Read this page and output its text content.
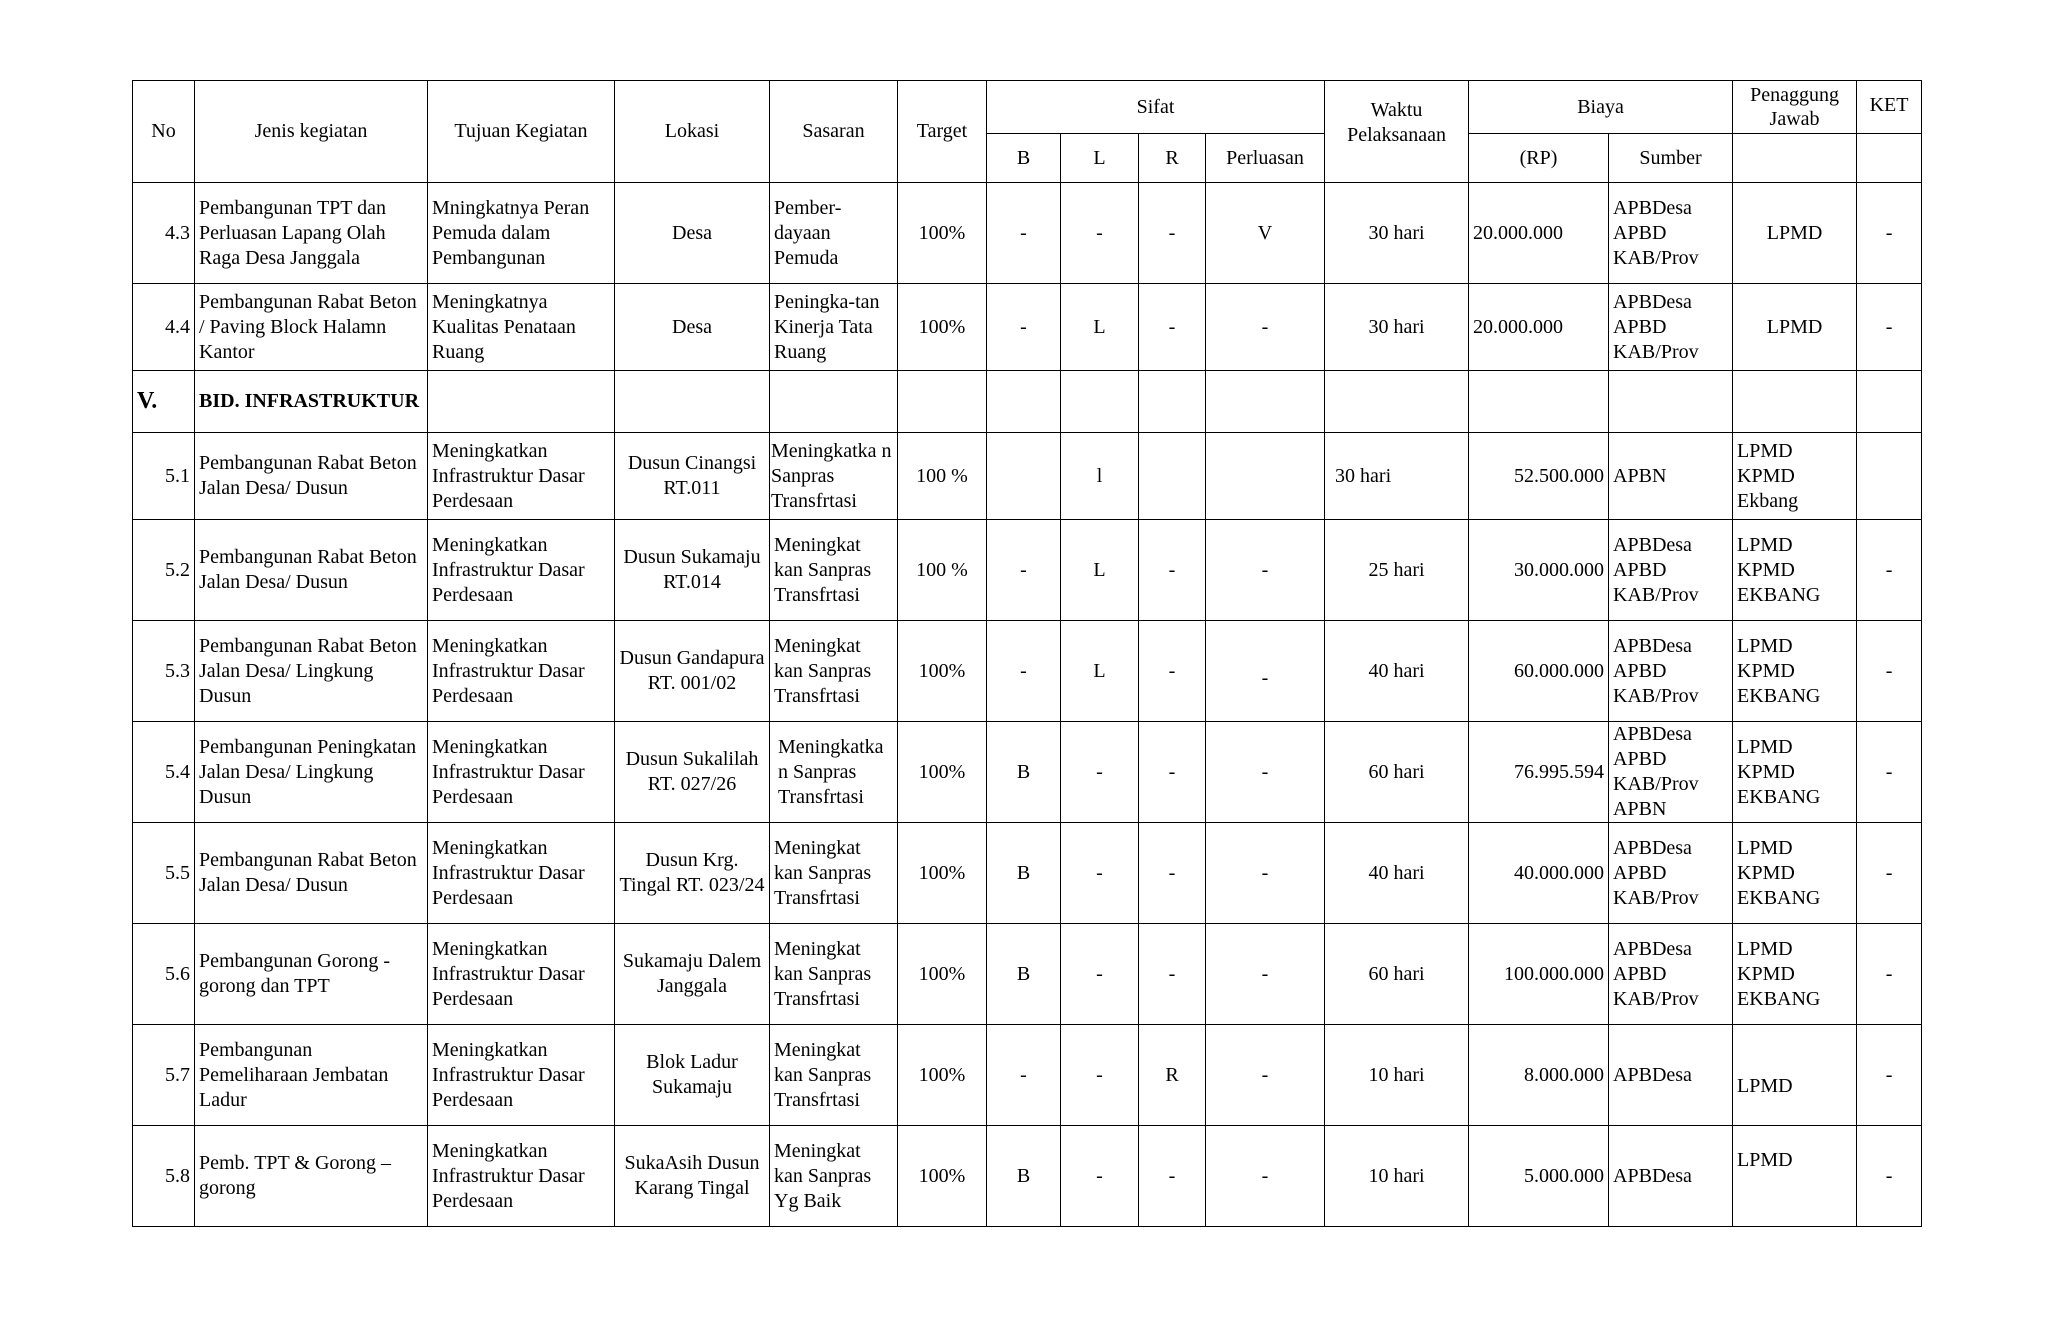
No	Jenis kegiatan	Tujuan Kegiatan	Lokasi	Sasaran	Target	Sifat				Waktu Pelaksanaan	Biaya		Penaggung Jawab	KET
						B	L	R	Perluasan		(RP)	Sumber		
4.3	Pembangunan TPT dan Perluasan Lapang Olah Raga Desa Janggala	Mningkatnya Peran Pemuda dalam Pembangunan	Desa	Pember-dayaan Pemuda	100%	-	-	-	V	30 hari	20.000.000	APBDesa APBD KAB/Prov	LPMD	-
4.4	Pembangunan Rabat Beton / Paving Block Halamn Kantor	Meningkatnya Kualitas Penataan Ruang	Desa	Peningka-tan Kinerja Tata Ruang	100%	-	L	-	-	30 hari	20.000.000	APBDesa APBD KAB/Prov	LPMD	-
V.	BID. INFRASTRUKTUR													
5.1	Pembangunan Rabat Beton Jalan Desa/ Dusun	Meningkatkan Infrastruktur Dasar Perdesaan	Dusun Cinangsi RT.011	Meningkatka n Sanpras Transfrtasi	100 %		l			30 hari	52.500.000	APBN	LPMD KPMD Ekbang	
5.2	Pembangunan Rabat Beton Jalan Desa/ Dusun	Meningkatkan Infrastruktur Dasar Perdesaan	Dusun Sukamaju RT.014	Meningkat kan Sanpras Transfrtasi	100 %	-	L	-	-	25 hari	30.000.000	APBDesa APBD KAB/Prov	LPMD KPMD EKBANG	-
5.3	Pembangunan Rabat Beton Jalan Desa/ Lingkung Dusun	Meningkatkan Infrastruktur Dasar Perdesaan	Dusun Gandapura RT. 001/02	Meningkat kan Sanpras Transfrtasi	100%	-	L	-	-	40 hari	60.000.000	APBDesa APBD KAB/Prov	LPMD KPMD EKBANG	-
5.4	Pembangunan Peningkatan Jalan Desa/ Lingkung Dusun	Meningkatkan Infrastruktur Dasar Perdesaan	Dusun Sukalilah RT. 027/26	Meningkatka n Sanpras Transfrtasi	100%	B	-	-	-	60 hari	76.995.594	APBDesa APBD KAB/Prov APBN	LPMD KPMD EKBANG	-
5.5	Pembangunan Rabat Beton Jalan Desa/ Dusun	Meningkatkan Infrastruktur Dasar Perdesaan	Dusun Krg. Tingal RT. 023/24	Meningkat kan Sanpras Transfrtasi	100%	B	-	-	-	40 hari	40.000.000	APBDesa APBD KAB/Prov	LPMD KPMD EKBANG	-
5.6	Pembangunan Gorong - gorong dan TPT	Meningkatkan Infrastruktur Dasar Perdesaan	Sukamaju Dalem Janggala	Meningkat kan Sanpras Transfrtasi	100%	B	-	-	-	60 hari	100.000.000	APBDesa APBD KAB/Prov	LPMD KPMD EKBANG	-
5.7	Pembangunan Pemeliharaan Jembatan Ladur	Meningkatkan Infrastruktur Dasar Perdesaan	Blok Ladur Sukamaju	Meningkat kan Sanpras Transfrtasi	100%	-	-	R	-	10 hari	8.000.000	APBDesa	LPMD	-
5.8	Pemb. TPT & Gorong – gorong	Meningkatkan Infrastruktur Dasar Perdesaan	SukaAsih Dusun Karang Tingal	Meningkat kan Sanpras Yg Baik	100%	B	-	-	-	10 hari	5.000.000	APBDesa	LPMD	-
